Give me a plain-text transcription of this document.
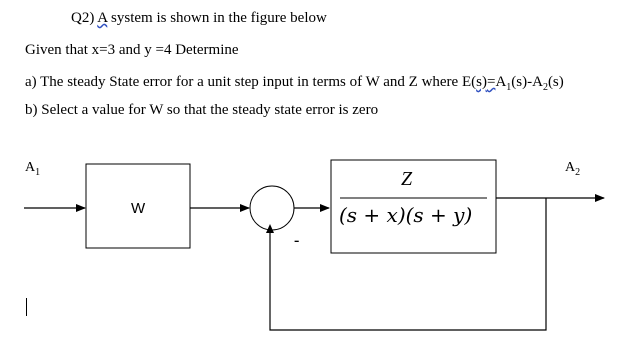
Q2) A system is shown in the figure below
Given that x=3 and y =4 Determine
a) The steady State error for a unit step input in terms of W and Z where $E(s)=A_1(s)-A_2(s)$
b) Select a value for W so that the steady state error is zero
$A_1$	$A_2$
W
Z
(s + x)(s + y)
-
